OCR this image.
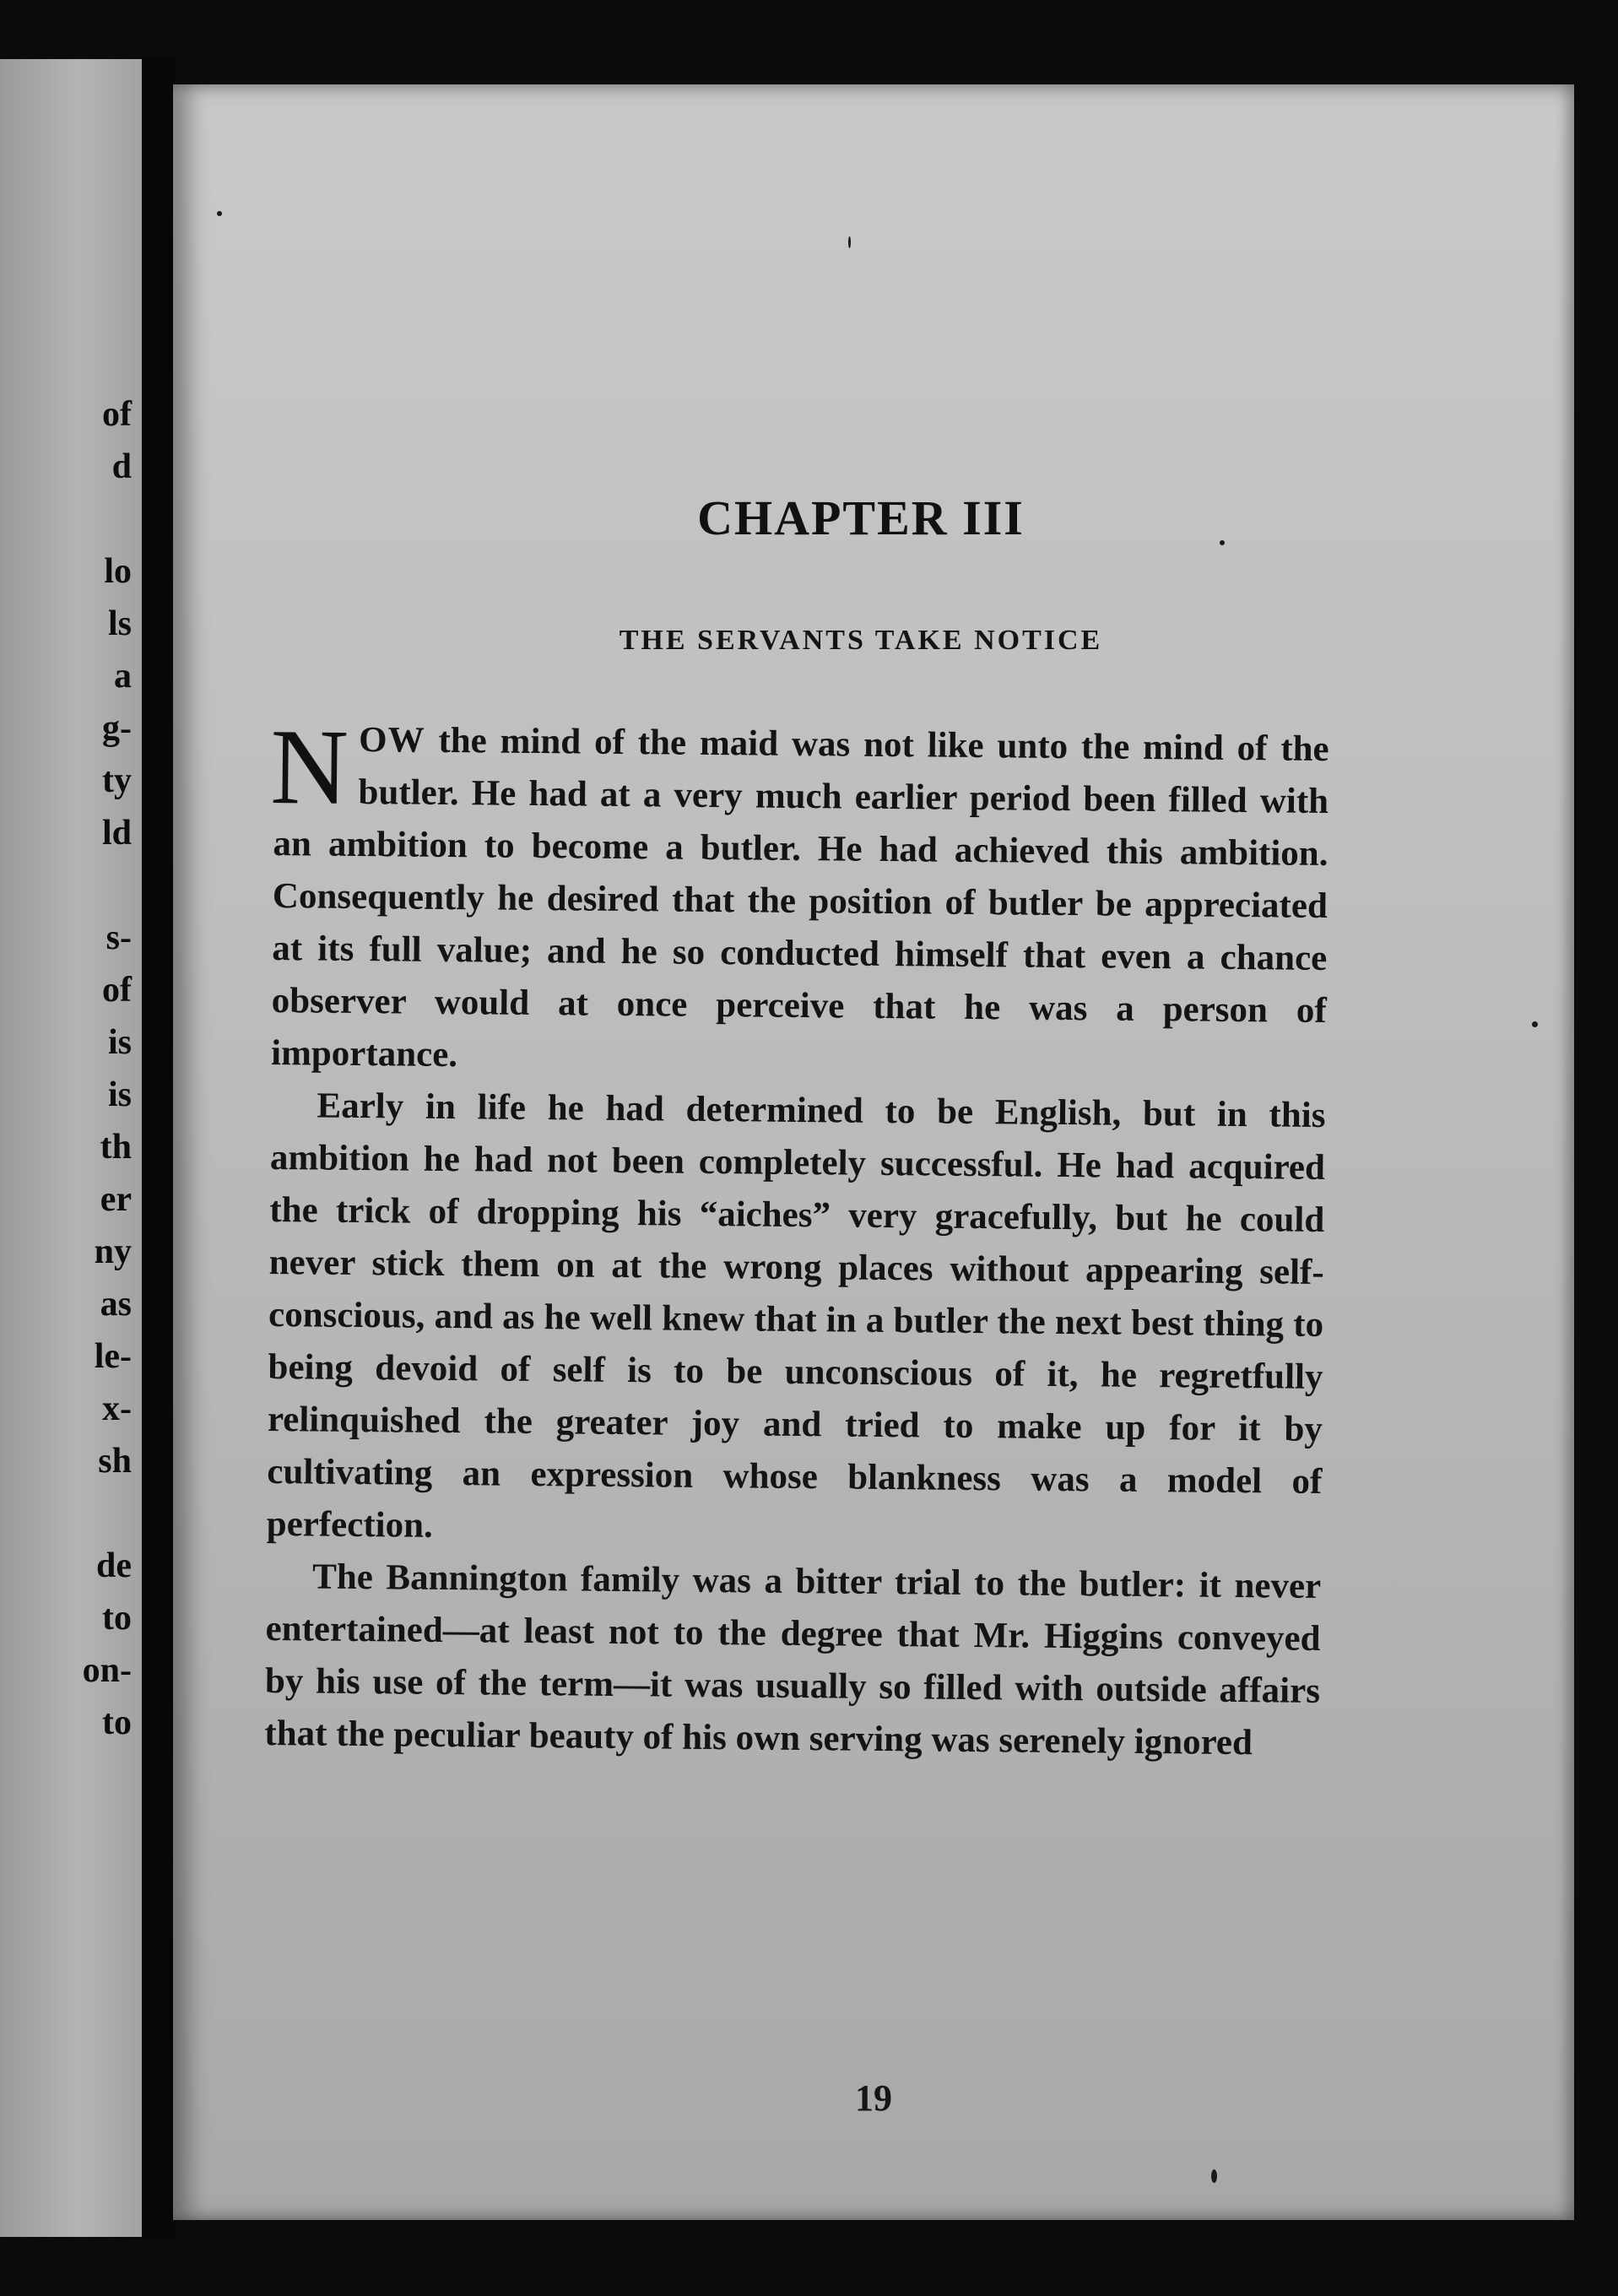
of
d
lo
ls
a
g-
ty
ld
s-
of
is
is
th
er
ny
as
le-
x-
sh
de
to
on-
to
CHAPTER III
THE SERVANTS TAKE NOTICE

NOW the mind of the maid was not like unto the mind of the butler. He had at a very much earlier period been filled with an ambition to become a butler. He had achieved this ambition. Consequently he desired that the position of butler be appreciated at its full value; and he so conducted himself that even a chance observer would at once perceive that he was a person of importance.

Early in life he had determined to be English, but in this ambition he had not been completely successful. He had acquired the trick of dropping his “aiches” very gracefully, but he could never stick them on at the wrong places without appearing self-conscious, and as he well knew that in a butler the next best thing to being devoid of self is to be unconscious of it, he regretfully relinquished the greater joy and tried to make up for it by cultivating an expression whose blankness was a model of perfection.

The Bannington family was a bitter trial to the butler: it never entertained—at least not to the degree that Mr. Higgins conveyed by his use of the term—it was usually so filled with outside affairs that the peculiar beauty of his own serving was serenely ignored

19
